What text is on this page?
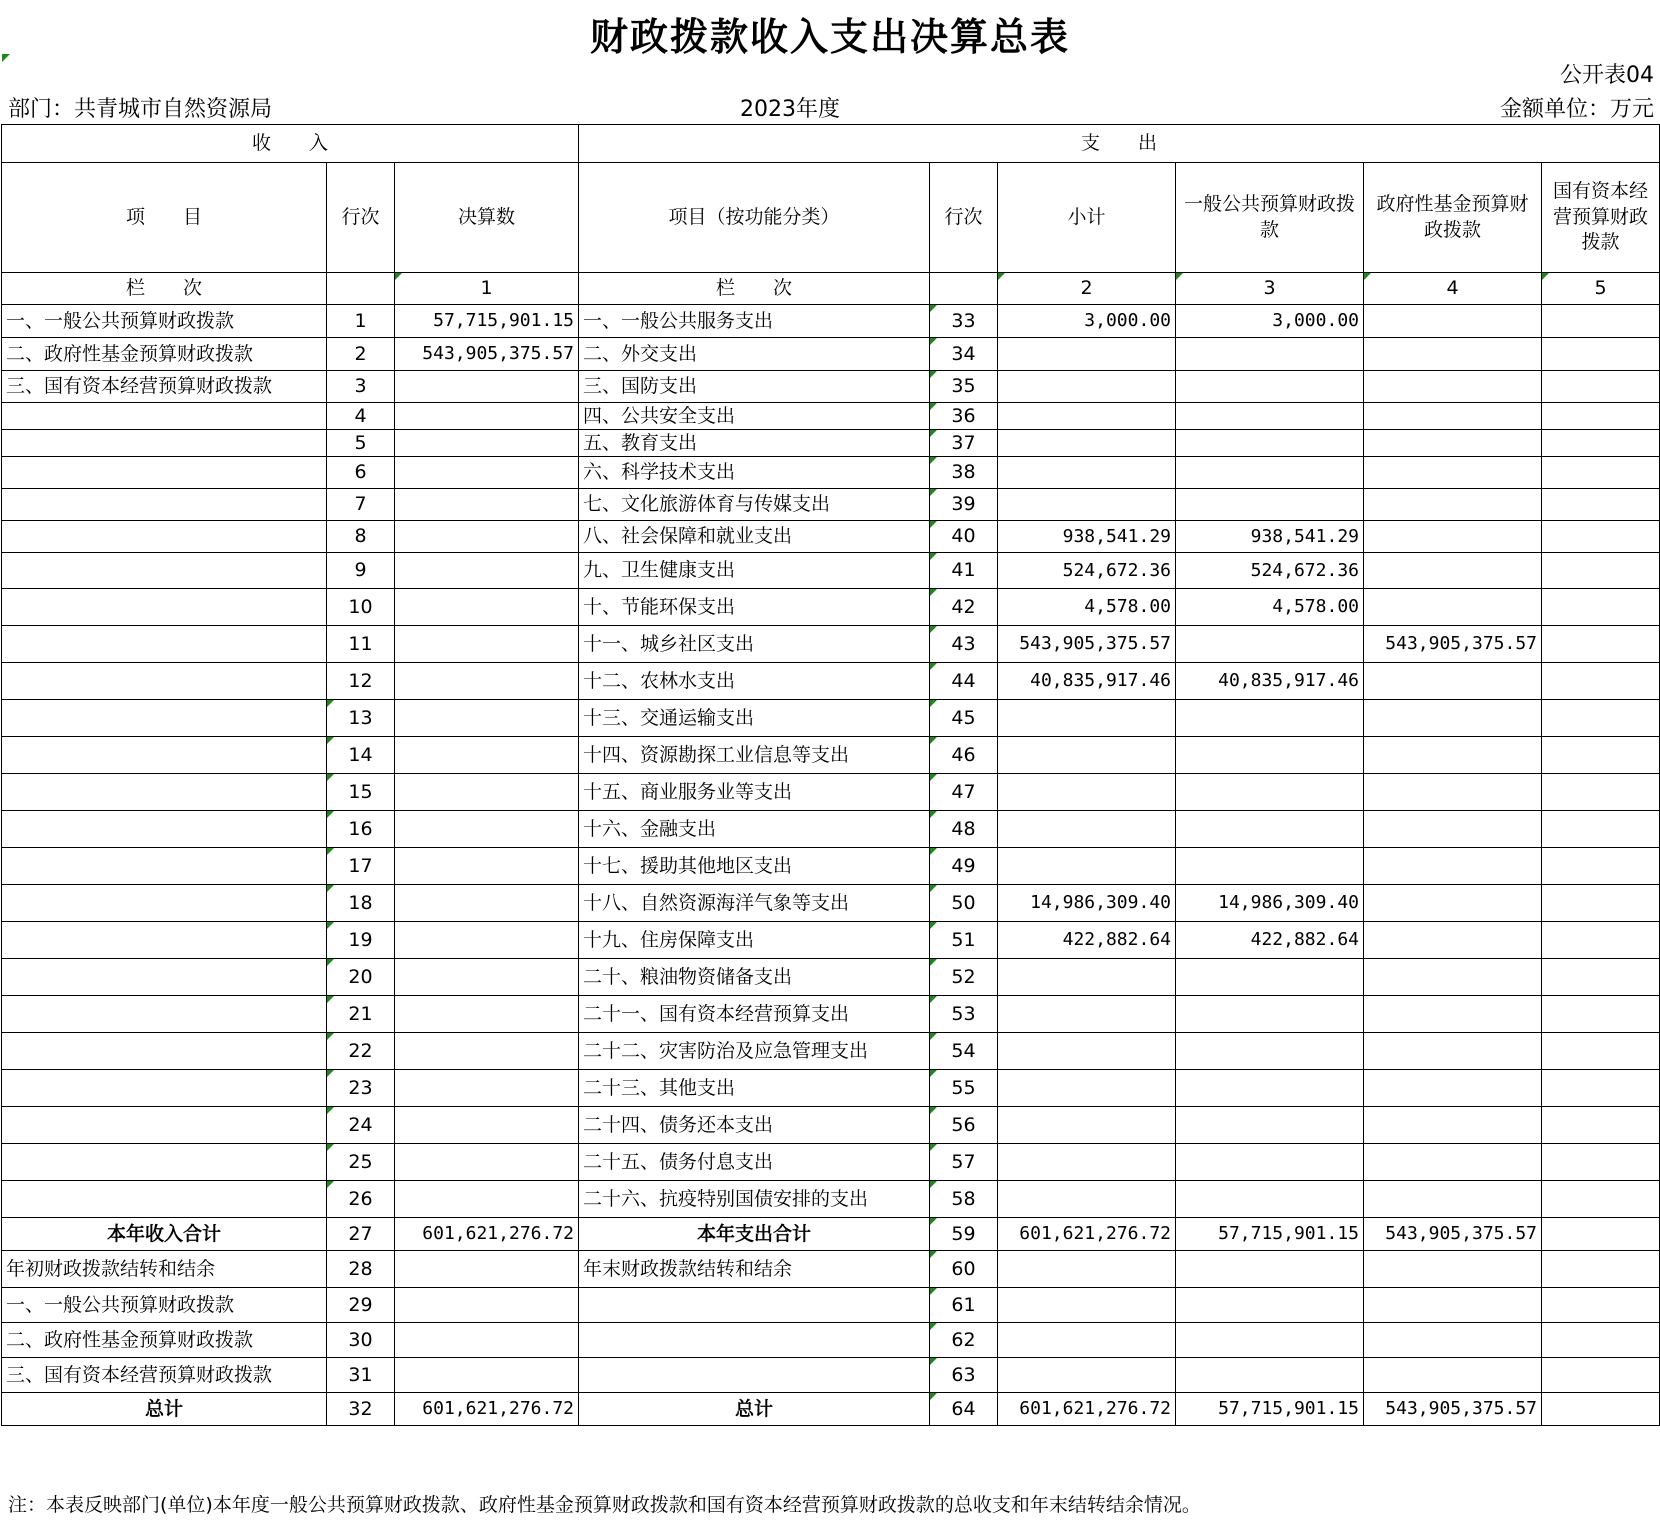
财政拨款收入支出决算总表
公开表04
部门：共青城市自然资源局	2023年度	金额单位：万元
收　　入			支　　出					
项　　目	行次	决算数	项目（按功能分类）	行次	小计	一般公共预算财政拨款	政府性基金预算财政拨款	国有资本经营预算财政拨款
栏　　次		1	栏　　次		2	3	4	5
一、一般公共预算财政拨款	1	57,715,901.15	一、一般公共服务支出	33	3,000.00	3,000.00		
二、政府性基金预算财政拨款	2	543,905,375.57	二、外交支出	34				
三、国有资本经营预算财政拨款	3		三、国防支出	35				
	4		四、公共安全支出	36				
	5		五、教育支出	37				
	6		六、科学技术支出	38				
	7		七、文化旅游体育与传媒支出	39				
	8		八、社会保障和就业支出	40	938,541.29	938,541.29		
	9		九、卫生健康支出	41	524,672.36	524,672.36		
	10		十、节能环保支出	42	4,578.00	4,578.00		
	11		十一、城乡社区支出	43	543,905,375.57		543,905,375.57	
	12		十二、农林水支出	44	40,835,917.46	40,835,917.46		
	13		十三、交通运输支出	45				
	14		十四、资源勘探工业信息等支出	46				
	15		十五、商业服务业等支出	47				
	16		十六、金融支出	48				
	17		十七、援助其他地区支出	49				
	18		十八、自然资源海洋气象等支出	50	14,986,309.40	14,986,309.40		
	19		十九、住房保障支出	51	422,882.64	422,882.64		
	20		二十、粮油物资储备支出	52				
	21		二十一、国有资本经营预算支出	53				
	22		二十二、灾害防治及应急管理支出	54				
	23		二十三、其他支出	55				
	24		二十四、债务还本支出	56				
	25		二十五、债务付息支出	57				
	26		二十六、抗疫特别国债安排的支出	58				
本年收入合计	27	601,621,276.72	本年支出合计	59	601,621,276.72	57,715,901.15	543,905,375.57	
年初财政拨款结转和结余	28		年末财政拨款结转和结余	60				
一、一般公共预算财政拨款	29			61				
二、政府性基金预算财政拨款	30			62				
三、国有资本经营预算财政拨款	31			63				
总计	32	601,621,276.72	总计	64	601,621,276.72	57,715,901.15	543,905,375.57	
注：本表反映部门(单位)本年度一般公共预算财政拨款、政府性基金预算财政拨款和国有资本经营预算财政拨款的总收支和年末结转结余情况。
